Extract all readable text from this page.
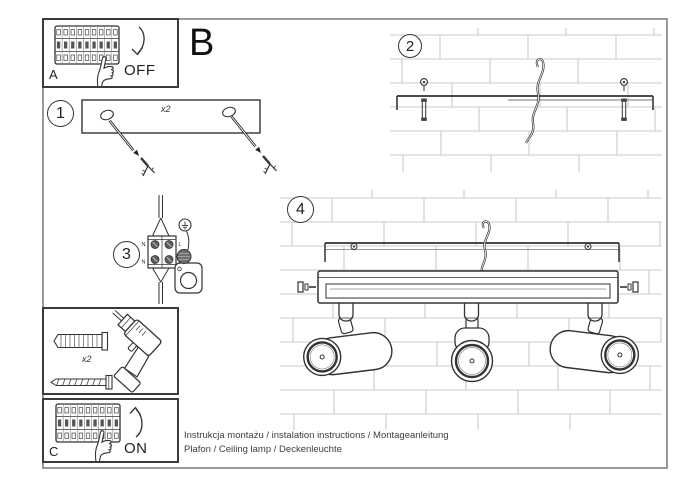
OFF
A
B
1	x2
2
N	L
N
3
x2
ON
C
4
Instrukcja montażu / instalation instructions / Montageanleitung
Plafon / Ceiling lamp / Deckenleuchte
